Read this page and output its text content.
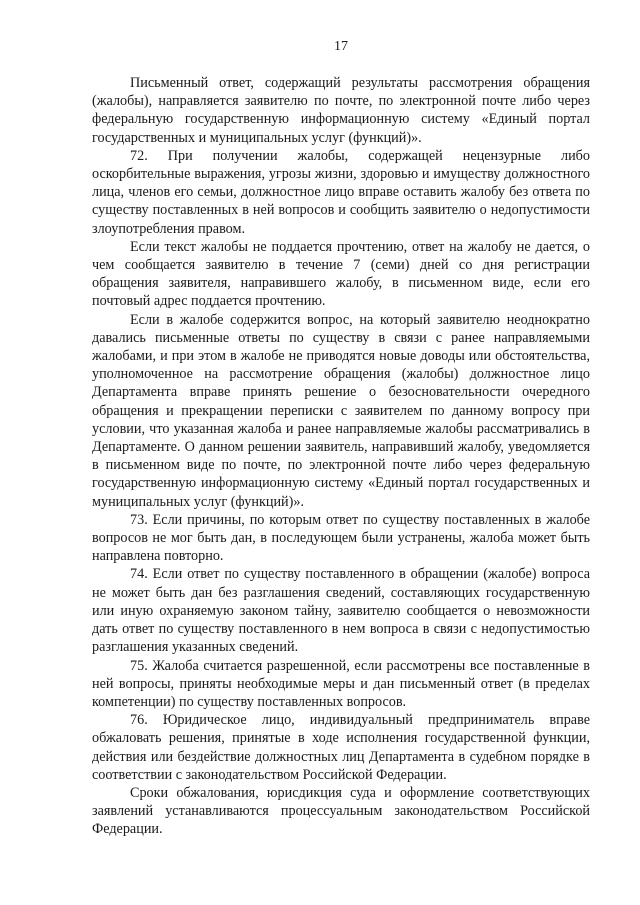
17

Письменный ответ, содержащий результаты рассмотрения обращения (жалобы), направляется заявителю по почте, по электронной почте либо через федеральную государственную информационную систему «Единый портал государственных и муниципальных услуг (функций)».

72. При получении жалобы, содержащей нецензурные либо оскорбительные выражения, угрозы жизни, здоровью и имуществу должностного лица, членов его семьи, должностное лицо вправе оставить жалобу без ответа по существу поставленных в ней вопросов и сообщить заявителю о недопустимости злоупотребления правом.

Если текст жалобы не поддается прочтению, ответ на жалобу не дается, о чем сообщается заявителю в течение 7 (семи) дней со дня регистрации обращения заявителя, направившего жалобу, в письменном виде, если его почтовый адрес поддается прочтению.

Если в жалобе содержится вопрос, на который заявителю неоднократно давались письменные ответы по существу в связи с ранее направляемыми жалобами, и при этом в жалобе не приводятся новые доводы или обстоятельства, уполномоченное на рассмотрение обращения (жалобы) должностное лицо Департамента вправе принять решение о безосновательности очередного обращения и прекращении переписки с заявителем по данному вопросу при условии, что указанная жалоба и ранее направляемые жалобы рассматривались в Департаменте. О данном решении заявитель, направивший жалобу, уведомляется в письменном виде по почте, по электронной почте либо через федеральную государственную информационную систему «Единый портал государственных и муниципальных услуг (функций)».

73. Если причины, по которым ответ по существу поставленных в жалобе вопросов не мог быть дан, в последующем были устранены, жалоба может быть направлена повторно.

74. Если ответ по существу поставленного в обращении (жалобе) вопроса не может быть дан без разглашения сведений, составляющих государственную или иную охраняемую законом тайну, заявителю сообщается о невозможности дать ответ по существу поставленного в нем вопроса в связи с недопустимостью разглашения указанных сведений.

75. Жалоба считается разрешенной, если рассмотрены все поставленные в ней вопросы, приняты необходимые меры и дан письменный ответ (в пределах компетенции) по существу поставленных вопросов.

76. Юридическое лицо, индивидуальный предприниматель вправе обжаловать решения, принятые в ходе исполнения государственной функции, действия или бездействие должностных лиц Департамента в судебном порядке в соответствии с законодательством Российской Федерации.

Сроки обжалования, юрисдикция суда и оформление соответствующих заявлений устанавливаются процессуальным законодательством Российской Федерации.
